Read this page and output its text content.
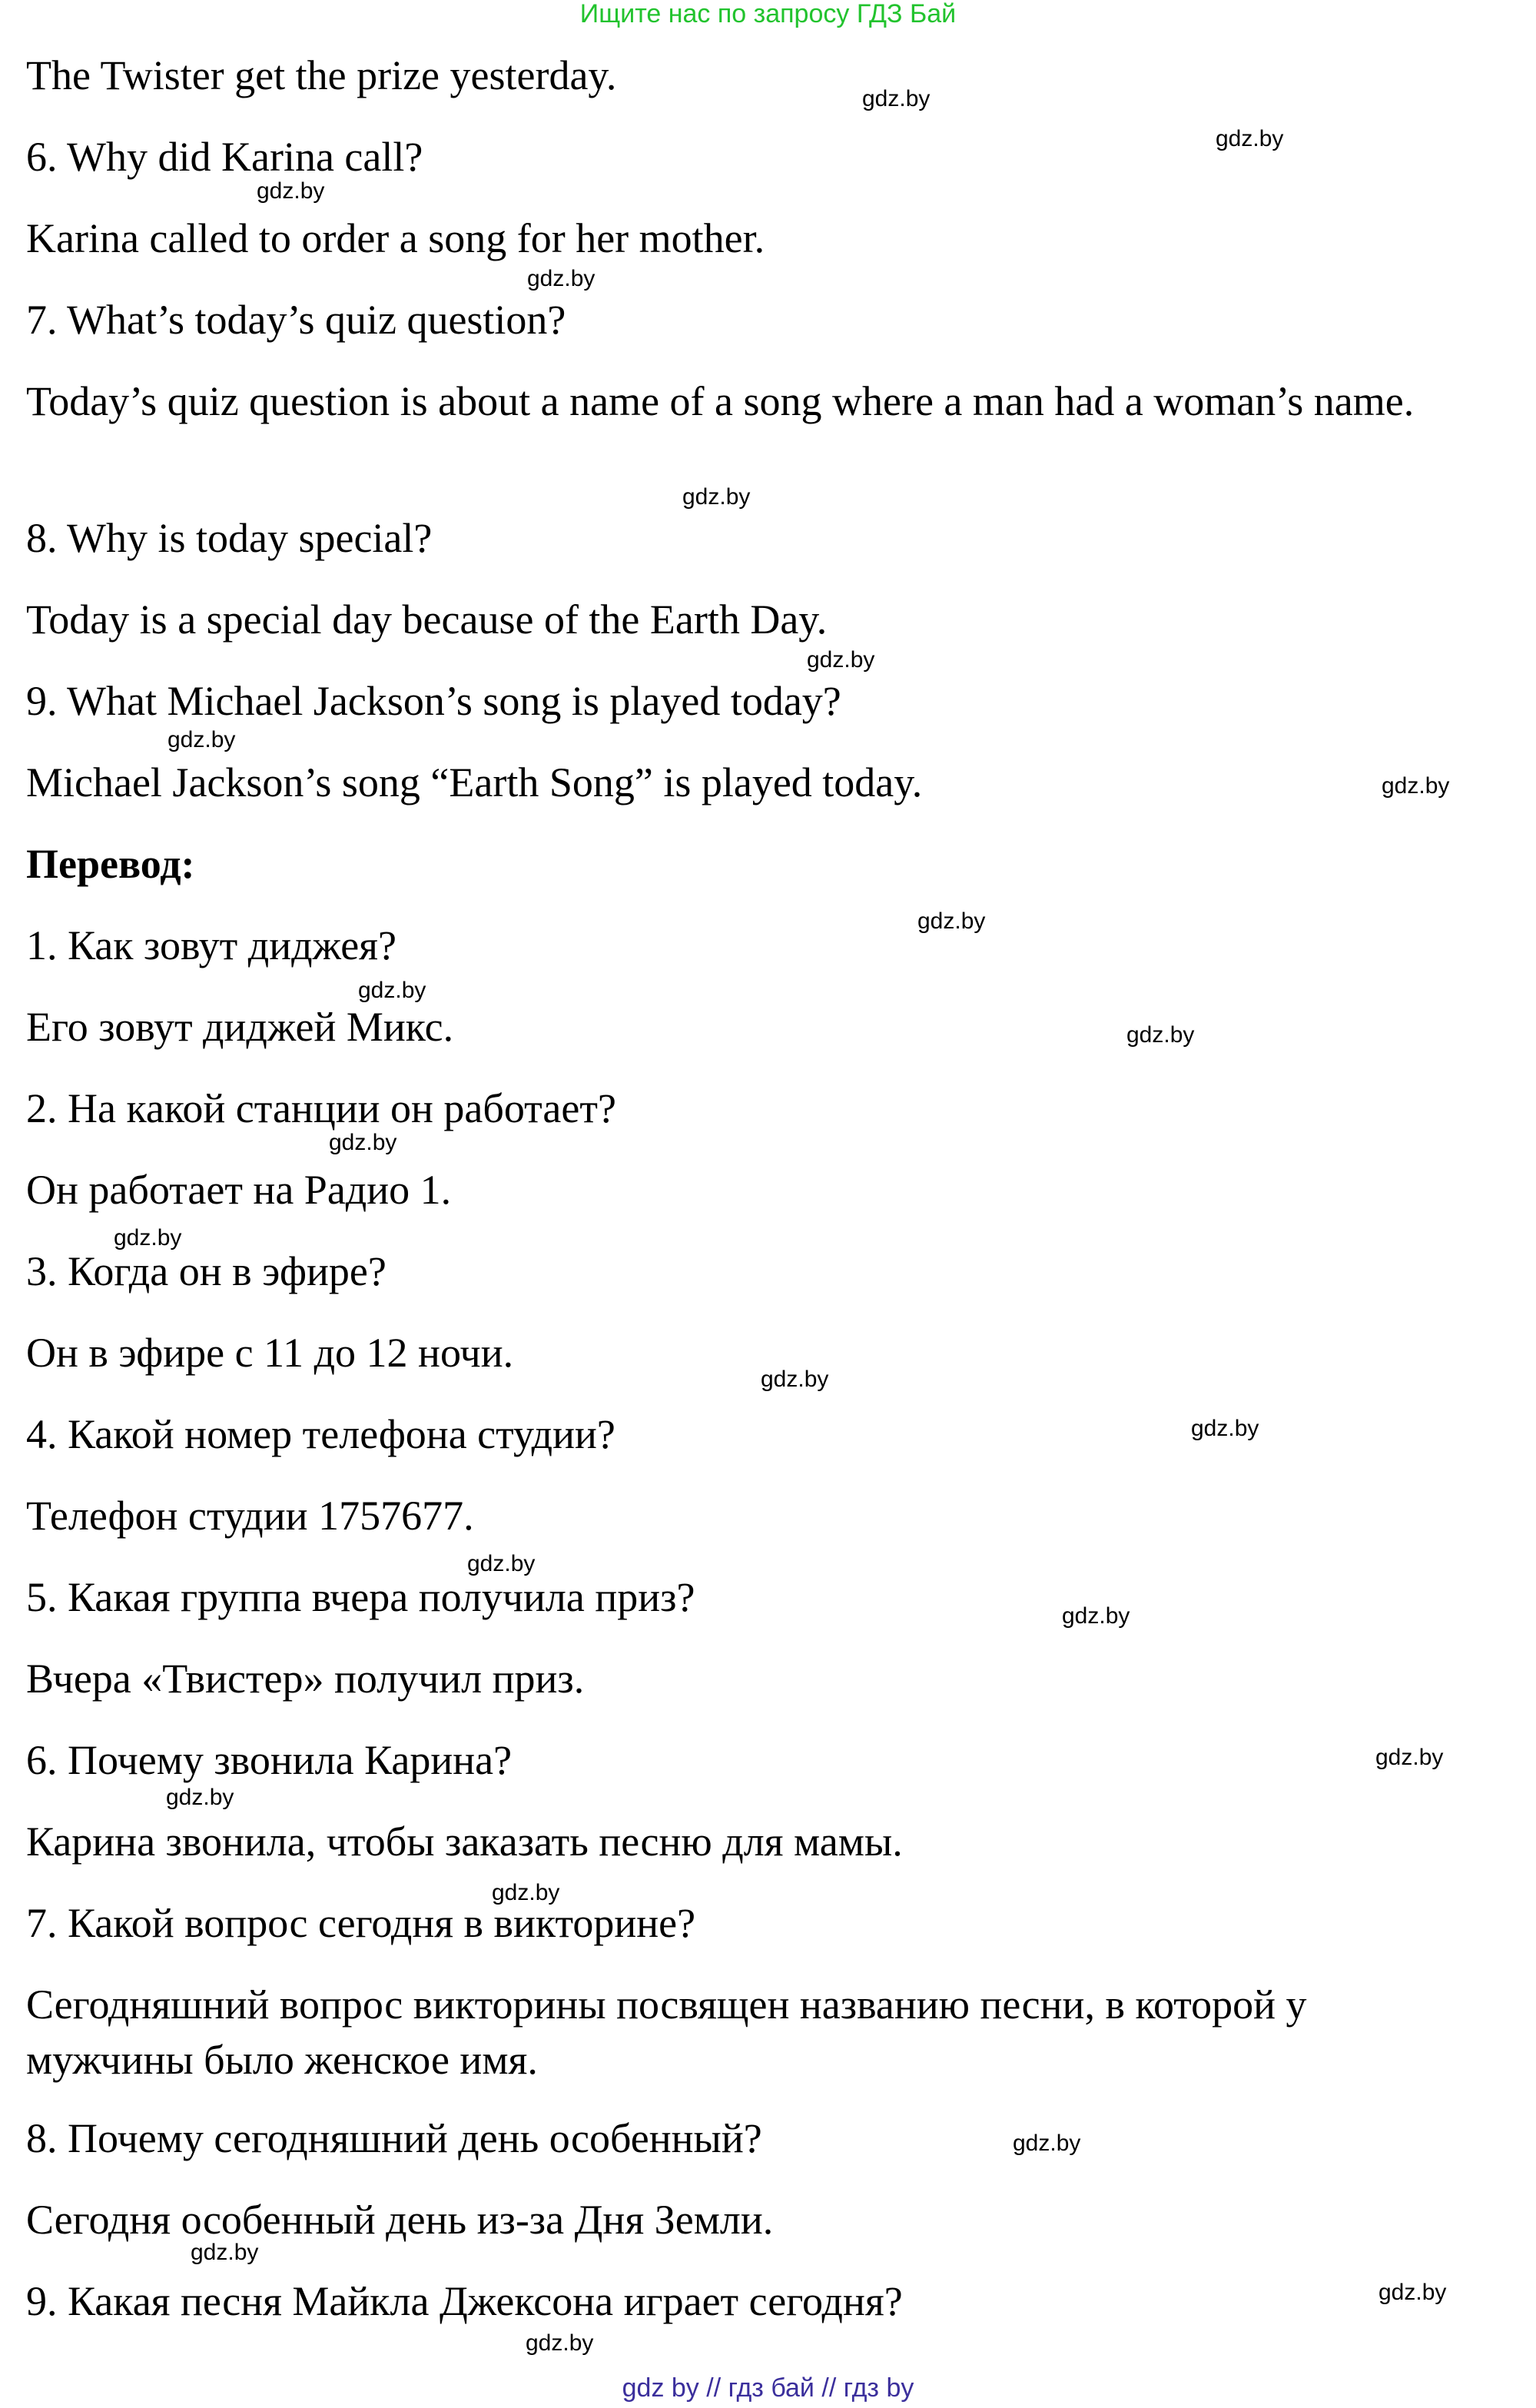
Ищите нас по запросу ГДЗ Бай
The Twister get the prize yesterday.
6. Why did Karina call?
Karina called to order a song for her mother.
7. What’s today’s quiz question?
Today’s quiz question is about a name of a song where a man had a woman’s name.
8. Why is today special?
Today is a special day because of the Earth Day.
9. What Michael Jackson’s song is played today?
Michael Jackson’s song “Earth Song” is played today.
Перевод:
1. Как зовут диджея?
Его зовут диджей Микс.
2. На какой станции он работает?
Он работает на Радио 1.
3. Когда он в эфире?
Он в эфире с 11 до 12 ночи.
4. Какой номер телефона студии?
Телефон студии 1757677.
5. Какая группа вчера получила приз?
Вчера «Твистер» получил приз.
6. Почему звонила Карина?
Карина звонила, чтобы заказать песню для мамы.
7. Какой вопрос сегодня в викторине?
Сегодняшний вопрос викторины посвящен названию песни, в которой у мужчины было женское имя.
8. Почему сегодняшний день особенный?
Сегодня особенный день из-за Дня Земли.
9. Какая песня Майкла Джексона играет сегодня?
gdz.by
gdz.by
gdz.by
gdz.by
gdz.by
gdz.by
gdz.by
gdz.by
gdz.by
gdz.by
gdz.by
gdz.by
gdz.by
gdz.by
gdz.by
gdz.by
gdz.by
gdz.by
gdz.by
gdz.by
gdz.by
gdz.by
gdz.by
gdz.by
gdz by // гдз бай // гдз by
